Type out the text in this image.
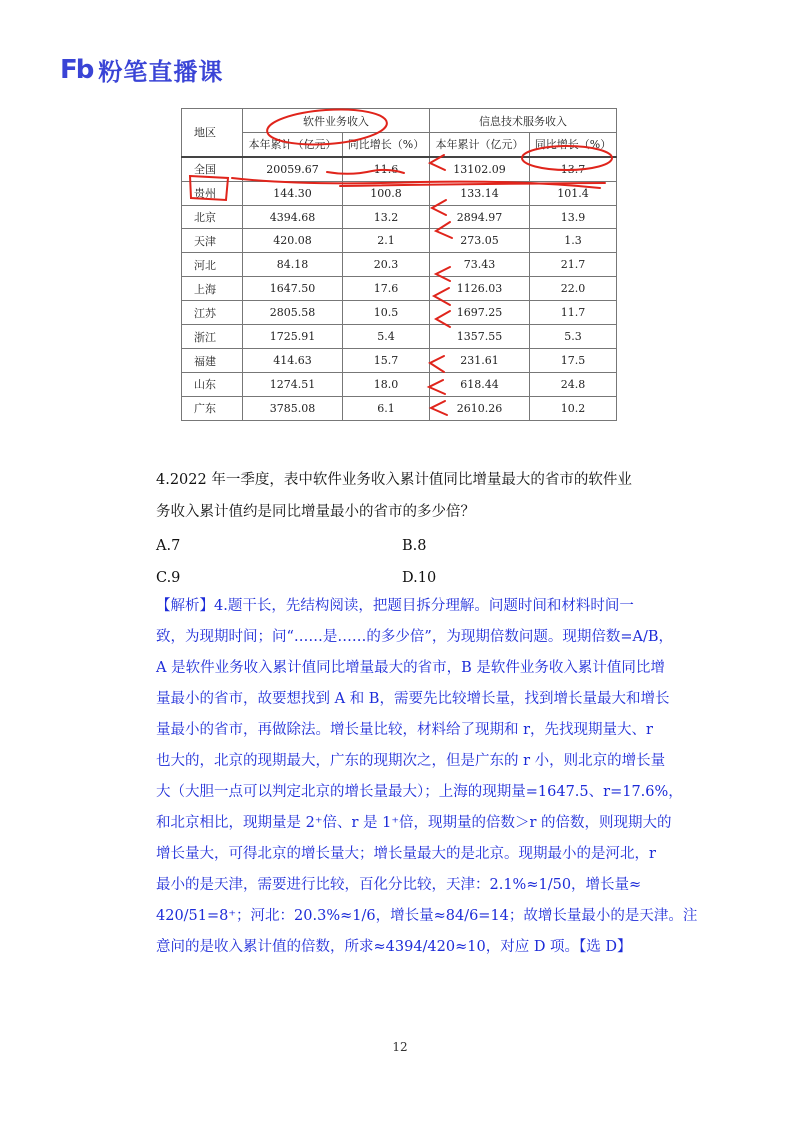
Fb 粉笔直播课
地区	软件业务收入		信息技术服务收入	
	本年累计（亿元）	同比增长（%）	本年累计（亿元）	同比增长（%）
全国	20059.67	11.6	13102.09	13.7
贵州	144.30	100.8	133.14	101.4
北京	4394.68	13.2	2894.97	13.9
天津	420.08	2.1	273.05	1.3
河北	84.18	20.3	73.43	21.7
上海	1647.50	17.6	1126.03	22.0
江苏	2805.58	10.5	1697.25	11.7
浙江	1725.91	5.4	1357.55	5.3
福建	414.63	15.7	231.61	17.5
山东	1274.51	18.0	618.44	24.8
广东	3785.08	6.1	2610.26	10.2
4.2022 年一季度，表中软件业务收入累计值同比增量最大的省市的软件业
务收入累计值约是同比增量最小的省市的多少倍？
A.7	B.8
C.9	D.10
【解析】4.题干长，先结构阅读，把题目拆分理解。问题时间和材料时间一
致，为现期时间；问“……是……的多少倍”，为现期倍数问题。现期倍数=A/B，
A 是软件业务收入累计值同比增量最大的省市，B 是软件业务收入累计值同比增
量最小的省市，故要想找到 A 和 B，需要先比较增长量，找到增长量最大和增长
量最小的省市，再做除法。增长量比较，材料给了现期和 r，先找现期量大、r
也大的，北京的现期最大，广东的现期次之，但是广东的 r 小，则北京的增长量
大（大胆一点可以判定北京的增长量最大）；上海的现期量=1647.5、r=17.6%，
和北京相比，现期量是 2⁺倍、r 是 1⁺倍，现期量的倍数＞r 的倍数，则现期大的
增长量大，可得北京的增长量大；增长量最大的是北京。现期最小的是河北，r
最小的是天津，需要进行比较，百化分比较，天津：2.1%≈1/50，增长量≈
420/51=8⁺；河北：20.3%≈1/6，增长量≈84/6=14；故增长量最小的是天津。注
意问的是收入累计值的倍数，所求≈4394/420≈10，对应 D 项。【选 D】
12
